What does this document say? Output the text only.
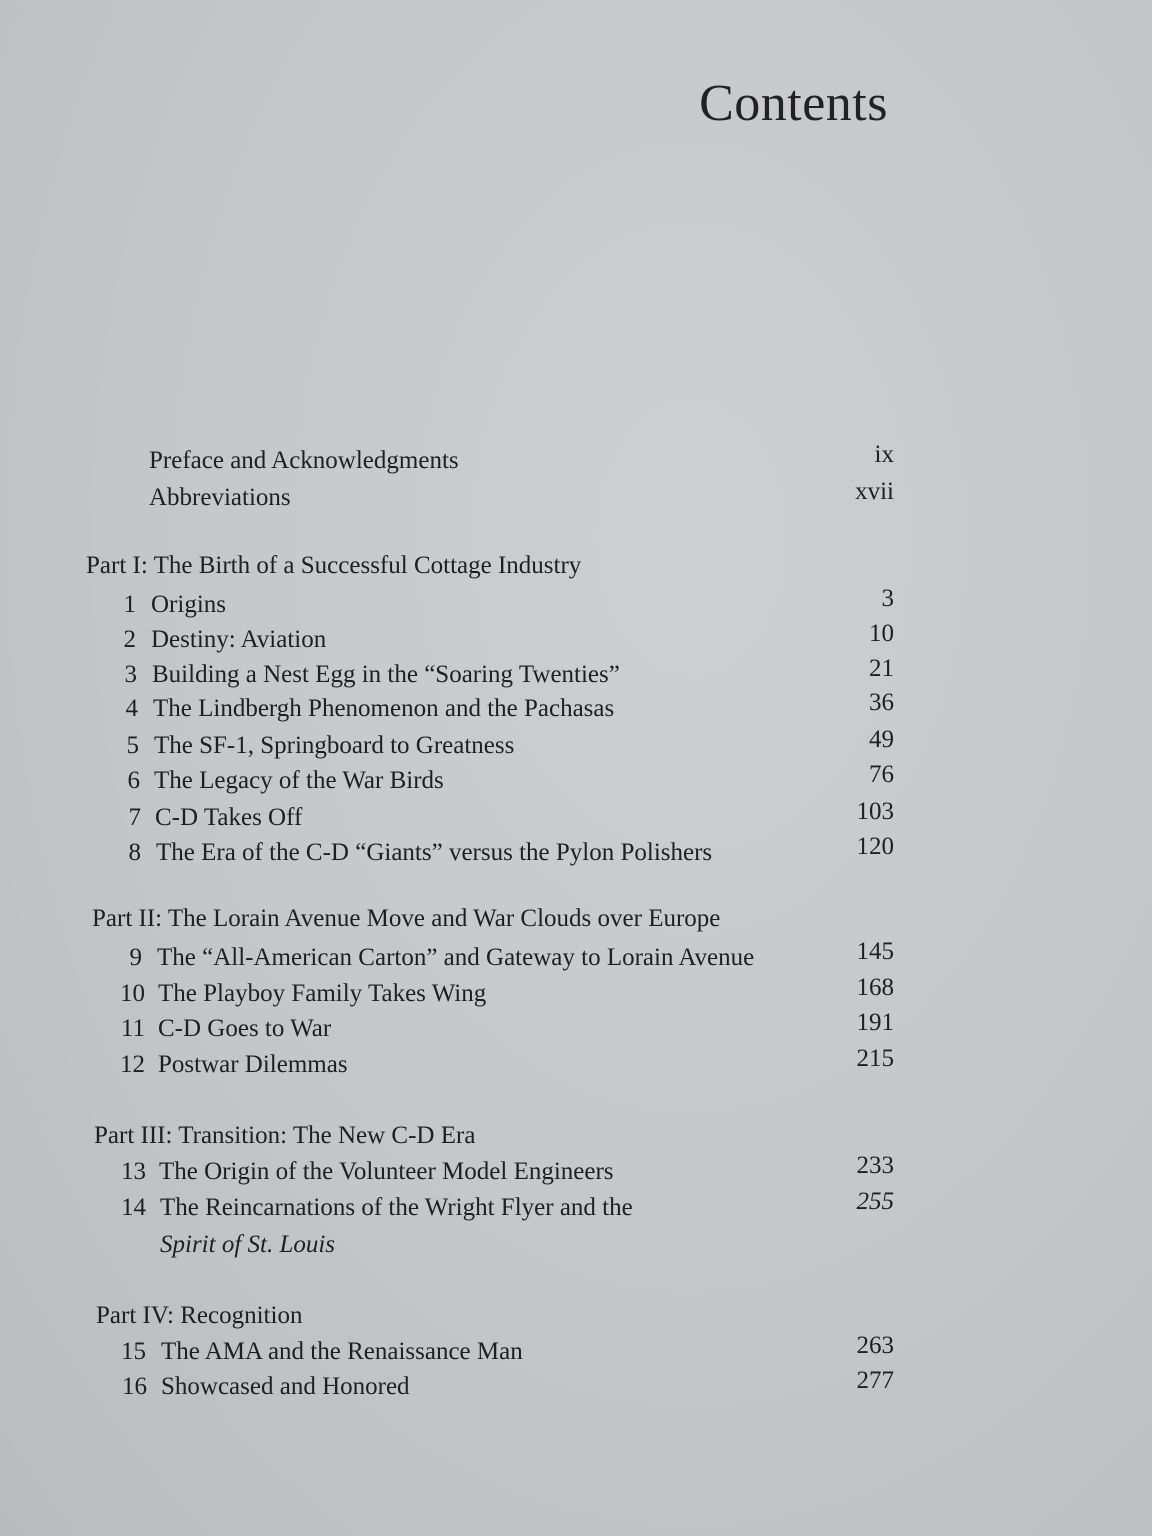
Contents
Preface and Acknowledgments	ix
Abbreviations	xvii
Part I: The Birth of a Successful Cottage Industry
1 Origins	3
2 Destiny: Aviation	10
3 Building a Nest Egg in the “Soaring Twenties”	21
4 The Lindbergh Phenomenon and the Pachasas	36
5 The SF-1, Springboard to Greatness	49
6 The Legacy of the War Birds	76
7 C-D Takes Off	103
8 The Era of the C-D “Giants” versus the Pylon Polishers	120
Part II: The Lorain Avenue Move and War Clouds over Europe
9 The “All-American Carton” and Gateway to Lorain Avenue	145
10 The Playboy Family Takes Wing	168
11 C-D Goes to War	191
12 Postwar Dilemmas	215
Part III: Transition: The New C-D Era
13 The Origin of the Volunteer Model Engineers	233
14 The Reincarnations of the Wright Flyer and the	255
Spirit of St. Louis
Part IV: Recognition
15 The AMA and the Renaissance Man	263
16 Showcased and Honored	277
